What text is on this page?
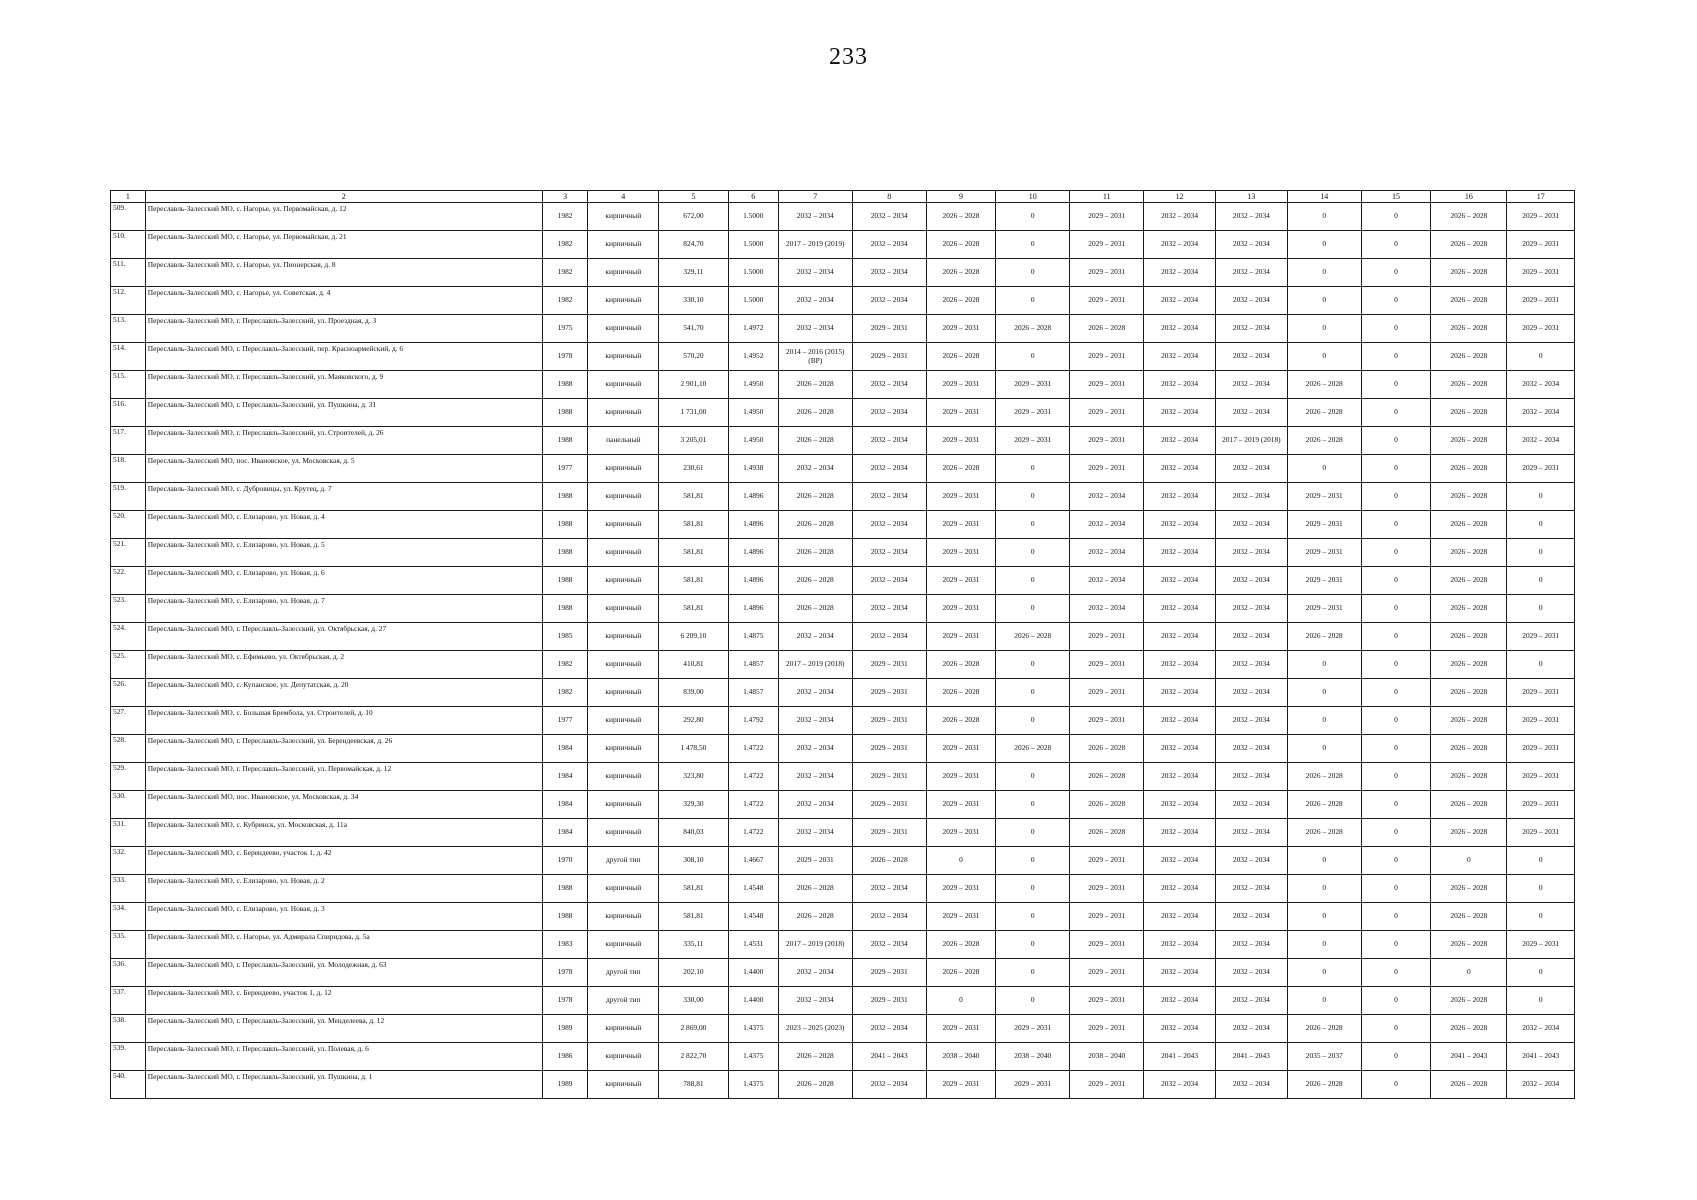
233
1	2	3	4	5	6	7	8	9	10	11	12	13	14	15	16	17
509.	Переславль-Залесский МО, с. Нагорье, ул. Первомайская, д. 12	1982	кирпичный	672,00	1.5000	2032 – 2034	2032 – 2034	2026 – 2028	0	2029 – 2031	2032 – 2034	2032 – 2034	0	0	2026 – 2028	2029 – 2031
510.	Переславль-Залесский МО, с. Нагорье, ул. Первомайская, д. 21	1982	кирпичный	824,70	1.5000	2017 – 2019 (2019)	2032 – 2034	2026 – 2028	0	2029 – 2031	2032 – 2034	2032 – 2034	0	0	2026 – 2028	2029 – 2031
511.	Переславль-Залесский МО, с. Нагорье, ул. Пионерская, д. 8	1982	кирпичный	329,11	1.5000	2032 – 2034	2032 – 2034	2026 – 2028	0	2029 – 2031	2032 – 2034	2032 – 2034	0	0	2026 – 2028	2029 – 2031
512.	Переславль-Залесский МО, с. Нагорье, ул. Советская, д. 4	1982	кирпичный	330,10	1.5000	2032 – 2034	2032 – 2034	2026 – 2028	0	2029 – 2031	2032 – 2034	2032 – 2034	0	0	2026 – 2028	2029 – 2031
513.	Переславль-Залесский МО, г. Переславль-Залесский, ул. Проездная, д. 3	1975	кирпичный	541,70	1.4972	2032 – 2034	2029 – 2031	2029 – 2031	2026 – 2028	2026 – 2028	2032 – 2034	2032 – 2034	0	0	2026 – 2028	2029 – 2031
514.	Переславль-Залесский МО, г. Переславль-Залесский, пер. Красноармейский, д. 6	1978	кирпичный	570,20	1.4952	2014 – 2016 (2015) (ВР)	2029 – 2031	2026 – 2028	0	2029 – 2031	2032 – 2034	2032 – 2034	0	0	2026 – 2028	0
515.	Переславль-Залесский МО, г. Переславль-Залесский, ул. Маяковского, д. 9	1988	кирпичный	2 901,10	1.4950	2026 – 2028	2032 – 2034	2029 – 2031	2029 – 2031	2029 – 2031	2032 – 2034	2032 – 2034	2026 – 2028	0	2026 – 2028	2032 – 2034
516.	Переславль-Залесский МО, г. Переславль-Залесский, ул. Пушкина, д. 31	1988	кирпичный	1 731,00	1.4950	2026 – 2028	2032 – 2034	2029 – 2031	2029 – 2031	2029 – 2031	2032 – 2034	2032 – 2034	2026 – 2028	0	2026 – 2028	2032 – 2034
517.	Переславль-Залесский МО, г. Переславль-Залесский, ул. Строителей, д. 26	1988	панельный	3 205,01	1.4950	2026 – 2028	2032 – 2034	2029 – 2031	2029 – 2031	2029 – 2031	2032 – 2034	2017 – 2019 (2018)	2026 – 2028	0	2026 – 2028	2032 – 2034
518.	Переславль-Залесский МО, пос. Ивановское, ул. Московская, д. 5	1977	кирпичный	230,61	1.4938	2032 – 2034	2032 – 2034	2026 – 2028	0	2029 – 2031	2032 – 2034	2032 – 2034	0	0	2026 – 2028	2029 – 2031
519.	Переславль-Залесский МО, с. Дубровицы, ул. Крутец, д. 7	1988	кирпичный	581,81	1.4896	2026 – 2028	2032 – 2034	2029 – 2031	0	2032 – 2034	2032 – 2034	2032 – 2034	2029 – 2031	0	2026 – 2028	0
520.	Переславль-Залесский МО, с. Елизарово, ул. Новая, д. 4	1988	кирпичный	581,81	1.4896	2026 – 2028	2032 – 2034	2029 – 2031	0	2032 – 2034	2032 – 2034	2032 – 2034	2029 – 2031	0	2026 – 2028	0
521.	Переславль-Залесский МО, с. Елизарово, ул. Новая, д. 5	1988	кирпичный	581,81	1.4896	2026 – 2028	2032 – 2034	2029 – 2031	0	2032 – 2034	2032 – 2034	2032 – 2034	2029 – 2031	0	2026 – 2028	0
522.	Переславль-Залесский МО, с. Елизарово, ул. Новая, д. 6	1988	кирпичный	581,81	1.4896	2026 – 2028	2032 – 2034	2029 – 2031	0	2032 – 2034	2032 – 2034	2032 – 2034	2029 – 2031	0	2026 – 2028	0
523.	Переславль-Залесский МО, с. Елизарово, ул. Новая, д. 7	1988	кирпичный	581,81	1.4896	2026 – 2028	2032 – 2034	2029 – 2031	0	2032 – 2034	2032 – 2034	2032 – 2034	2029 – 2031	0	2026 – 2028	0
524.	Переславль-Залесский МО, г. Переславль-Залесский, ул. Октябрьская, д. 27	1985	кирпичный	6 209,10	1.4875	2032 – 2034	2032 – 2034	2029 – 2031	2026 – 2028	2029 – 2031	2032 – 2034	2032 – 2034	2026 – 2028	0	2026 – 2028	2029 – 2031
525.	Переславль-Залесский МО, с. Ефимьево, ул. Октябрьская, д. 2	1982	кирпичный	410,81	1.4857	2017 – 2019 (2018)	2029 – 2031	2026 – 2028	0	2029 – 2031	2032 – 2034	2032 – 2034	0	0	2026 – 2028	0
526.	Переславль-Залесский МО, с. Купанское, ул. Депутатская, д. 20	1982	кирпичный	839,00	1.4857	2032 – 2034	2029 – 2031	2026 – 2028	0	2029 – 2031	2032 – 2034	2032 – 2034	0	0	2026 – 2028	2029 – 2031
527.	Переславль-Залесский МО, с. Большая Брембола, ул. Строителей, д. 10	1977	кирпичный	292,80	1.4792	2032 – 2034	2029 – 2031	2026 – 2028	0	2029 – 2031	2032 – 2034	2032 – 2034	0	0	2026 – 2028	2029 – 2031
528.	Переславль-Залесский МО, г. Переславль-Залесский, ул. Берендеевская, д. 26	1984	кирпичный	1 478,50	1.4722	2032 – 2034	2029 – 2031	2029 – 2031	2026 – 2028	2026 – 2028	2032 – 2034	2032 – 2034	0	0	2026 – 2028	2029 – 2031
529.	Переславль-Залесский МО, г. Переславль-Залесский, ул. Первомайская, д. 12	1984	кирпичный	323,80	1.4722	2032 – 2034	2029 – 2031	2029 – 2031	0	2026 – 2028	2032 – 2034	2032 – 2034	2026 – 2028	0	2026 – 2028	2029 – 2031
530.	Переславль-Залесский МО, пос. Ивановское, ул. Московская, д. 34	1984	кирпичный	329,30	1.4722	2032 – 2034	2029 – 2031	2029 – 2031	0	2026 – 2028	2032 – 2034	2032 – 2034	2026 – 2028	0	2026 – 2028	2029 – 2031
531.	Переславль-Залесский МО, с. Кубринск, ул. Московская, д. 11а	1984	кирпичный	840,03	1.4722	2032 – 2034	2029 – 2031	2029 – 2031	0	2026 – 2028	2032 – 2034	2032 – 2034	2026 – 2028	0	2026 – 2028	2029 – 2031
532.	Переславль-Залесский МО, с. Берендеево, участок 1, д. 42	1970	другой тип	308,10	1.4667	2029 – 2031	2026 – 2028	0	0	2029 – 2031	2032 – 2034	2032 – 2034	0	0	0	0
533.	Переславль-Залесский МО, с. Елизарово, ул. Новая, д. 2	1988	кирпичный	581,81	1.4548	2026 – 2028	2032 – 2034	2029 – 2031	0	2029 – 2031	2032 – 2034	2032 – 2034	0	0	2026 – 2028	0
534.	Переславль-Залесский МО, с. Елизарово, ул. Новая, д. 3	1988	кирпичный	581,81	1.4548	2026 – 2028	2032 – 2034	2029 – 2031	0	2029 – 2031	2032 – 2034	2032 – 2034	0	0	2026 – 2028	0
535.	Переславль-Залесский МО, с. Нагорье, ул. Адмирала Спиридова, д. 5а	1983	кирпичный	335,11	1.4531	2017 – 2019 (2018)	2032 – 2034	2026 – 2028	0	2029 – 2031	2032 – 2034	2032 – 2034	0	0	2026 – 2028	2029 – 2031
536.	Переславль-Залесский МО, г. Переславль-Залесский, ул. Молодежная, д. 63	1978	другой тип	202,10	1.4400	2032 – 2034	2029 – 2031	2026 – 2028	0	2029 – 2031	2032 – 2034	2032 – 2034	0	0	0	0
537.	Переславль-Залесский МО, с. Берендеево, участок 1, д. 12	1978	другой тип	330,00	1.4400	2032 – 2034	2029 – 2031	0	0	2029 – 2031	2032 – 2034	2032 – 2034	0	0	2026 – 2028	0
538.	Переславль-Залесский МО, г. Переславль-Залесский, ул. Менделеева, д. 12	1989	кирпичный	2 869,00	1.4375	2023 – 2025 (2023)	2032 – 2034	2029 – 2031	2029 – 2031	2029 – 2031	2032 – 2034	2032 – 2034	2026 – 2028	0	2026 – 2028	2032 – 2034
539.	Переславль-Залесский МО, г. Переславль-Залесский, ул. Полевая, д. 6	1986	кирпичный	2 822,70	1.4375	2026 – 2028	2041 – 2043	2038 – 2040	2038 – 2040	2038 – 2040	2041 – 2043	2041 – 2043	2035 – 2037	0	2041 – 2043	2041 – 2043
540.	Переславль-Залесский МО, г. Переславль-Залесский, ул. Пушкина, д. 1	1989	кирпичный	788,81	1.4375	2026 – 2028	2032 – 2034	2029 – 2031	2029 – 2031	2029 – 2031	2032 – 2034	2032 – 2034	2026 – 2028	0	2026 – 2028	2032 – 2034
